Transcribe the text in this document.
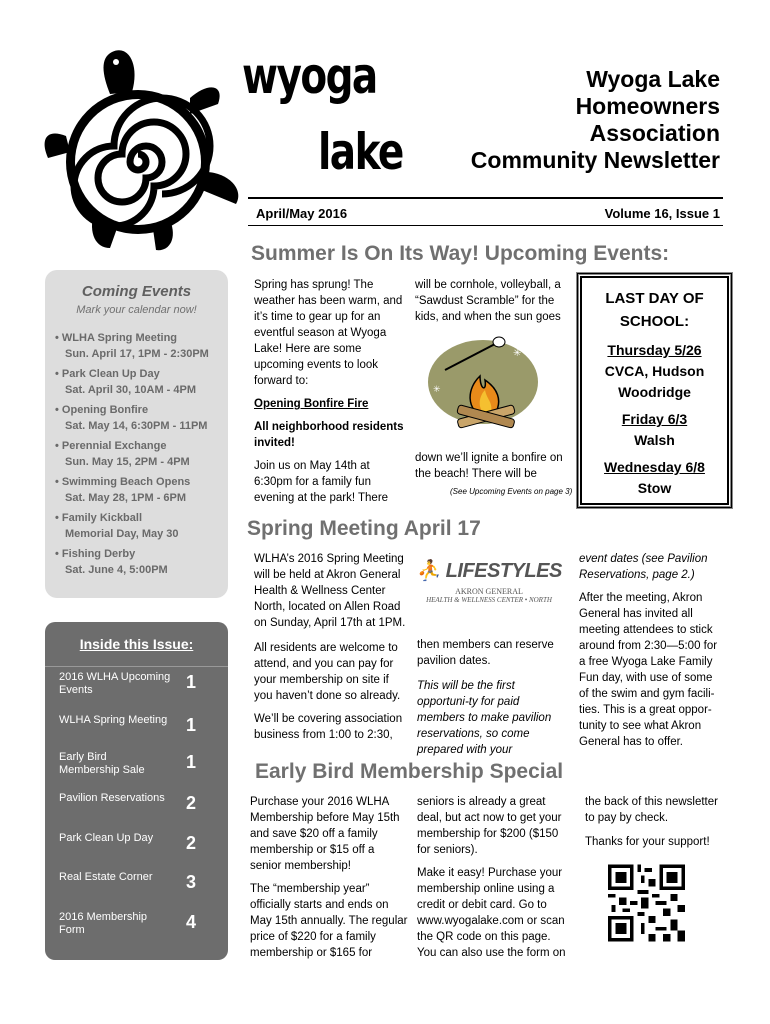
wyoga
lake
Wyoga Lake
Homeowners
Association
Community Newsletter
April/May 2016	Volume 16, Issue 1
Coming Events
Mark your calendar now!
• WLHA Spring Meeting
Sun. April 17, 1PM - 2:30PM
• Park Clean Up Day
Sat. April 30, 10AM - 4PM
• Opening Bonfire
Sat. May 14, 6:30PM - 11PM
• Perennial Exchange
Sun. May 15, 2PM - 4PM
• Swimming Beach Opens
Sat. May 28, 1PM - 6PM
• Family Kickball
Memorial Day, May 30
• Fishing Derby
Sat. June 4, 5:00PM
Inside this Issue:
2016 WLHA Upcoming Events	1
WLHA Spring Meeting	1
Early Bird Membership Sale	1
Pavilion Reservations	2
Park Clean Up Day	2
Real Estate Corner	3
2016 Membership Form	4
Summer Is On Its Way! Upcoming Events:

Spring has sprung! The weather has been warm, and it’s time to gear up for an eventful season at Wyoga Lake! Here are some upcoming events to look forward to:

Opening Bonfire Fire

All neighborhood residents invited!

Join us on May 14th at 6:30pm for a family fun evening at the park! There

will be cornhole, volleyball, a “Sawdust Scramble” for the kids, and when the sun goes

✳
✳

down we’ll ignite a bonfire on the beach! There will be

(See Upcoming Events on page 3)
LAST DAY OF
SCHOOL:
Thursday 5/26
CVCA, Hudson
Woodridge
Friday 6/3
Walsh
Wednesday 6/8
Stow
Spring Meeting April 17

WLHA’s 2016 Spring Meeting will be held at Akron General Health & Wellness Center North, located on Allen Road on Sunday, April 17th at 1PM.

All residents are welcome to attend, and you can pay for your membership on site if you haven’t done so already.

We’ll be covering association business from 1:00 to 2:30,

⛹ LIFESTYLES
AKRON GENERAL
HEALTH & WELLNESS CENTER • NORTH

then members can reserve pavilion dates.

This will be the first opportuni-ty for paid members to make pavilion reservations, so come prepared with your

event dates (see Pavilion Reservations, page 2.)

After the meeting, Akron General has invited all meeting attendees to stick around from 2:30—5:00 for a free Wyoga Lake Family Fun day, with use of some of the swim and gym facili-ties. This is a great oppor-tunity to see what Akron General has to offer.

Early Bird Membership Special

Purchase your 2016 WLHA Membership before May 15th and save $20 off a family membership or $15 off a senior membership!

The “membership year” officially starts and ends on May 15th annually. The regular price of $220 for a family membership or $165 for

seniors is already a great deal, but act now to get your membership for $200 ($150 for seniors).

Make it easy! Purchase your membership online using a credit or debit card. Go to www.wyogalake.com or scan the QR code on this page. You can also use the form on

the back of this newsletter to pay by check.

Thanks for your support!
